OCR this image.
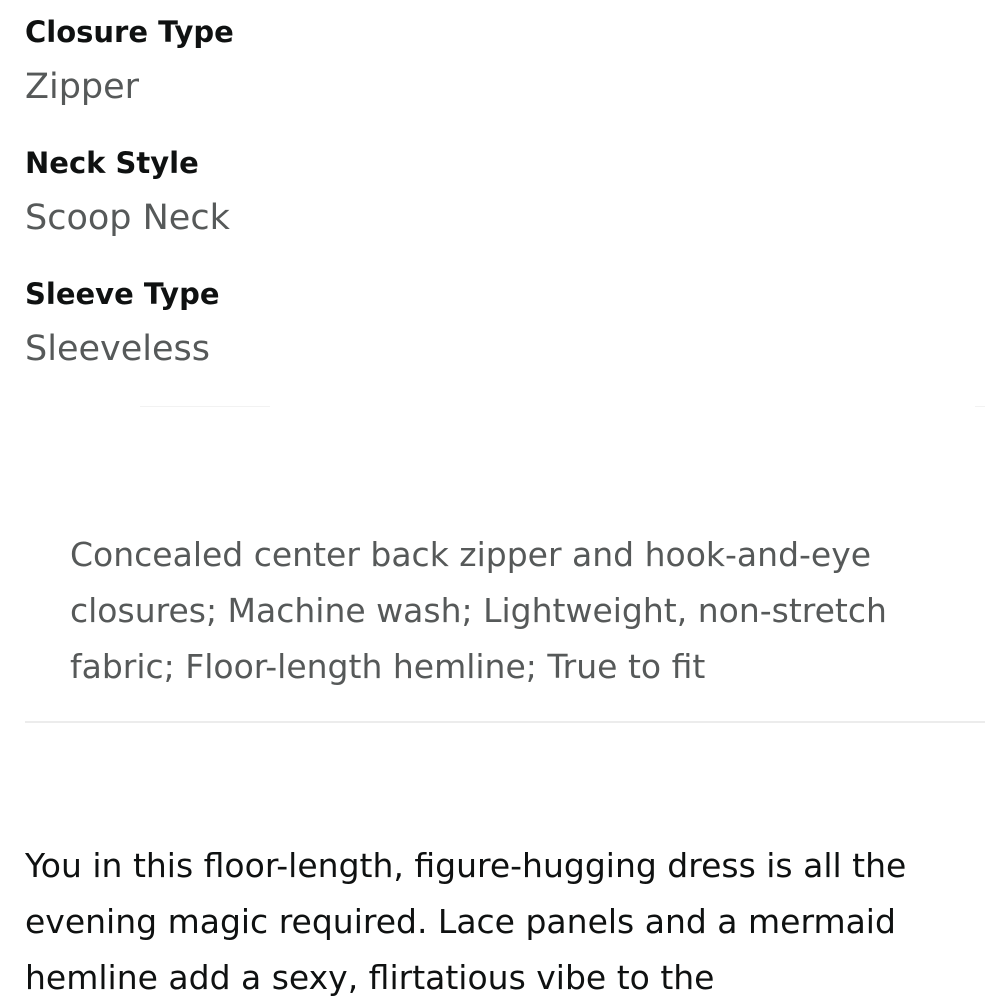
Closure Type
Zipper
Neck Style
Scoop Neck
Sleeve Type
Sleeveless

Concealed center back zipper and hook-and-eye closures; Machine wash; Lightweight, non-stretch fabric; Floor-length hemline; True to fit

You in this floor-length, figure-hugging dress is all the evening magic required. Lace panels and a mermaid hemline add a sexy, flirtatious vibe to the
